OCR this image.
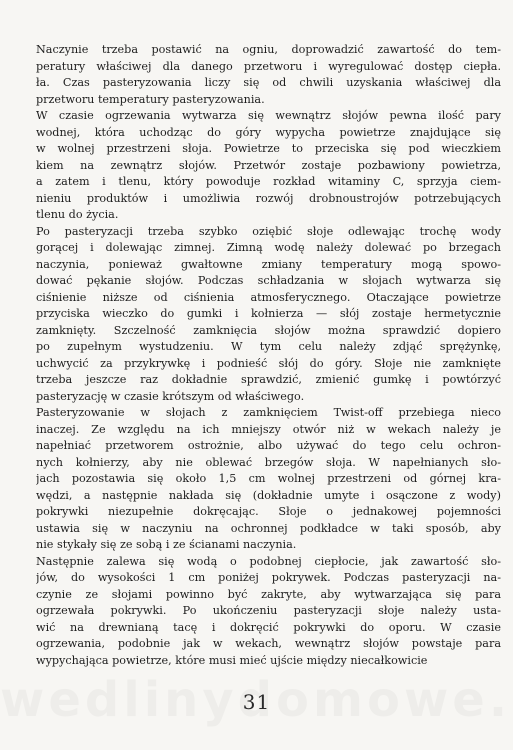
Naczynie trzeba postawić na ogniu, doprowadzić zawartość do tem-
peratury właściwej dla danego przetworu i wyregulować dostęp ciepła.
ła. Czas pasteryzowania liczy się od chwili uzyskania właściwej dla
przetworu temperatury pasteryzowania.
W czasie ogrzewania wytwarza się wewnątrz słojów pewna ilość pary
wodnej, która uchodząc do góry wypycha powietrze znajdujące się
w wolnej przestrzeni słoja. Powietrze to przeciska się pod wieczkiem
kiem na zewnątrz słojów. Przetwór zostaje pozbawiony powietrza,
a zatem i tlenu, który powoduje rozkład witaminy C, sprzyja ciem-
nieniu produktów i umożliwia rozwój drobnoustrojów potrzebujących
tlenu do życia.
Po pasteryzacji trzeba szybko oziębić słoje odlewając trochę wody
gorącej i dolewając zimnej. Zimną wodę należy dolewać po brzegach
naczynia, ponieważ gwałtowne zmiany temperatury mogą spowo-
dować pękanie słojów. Podczas schładzania w słojach wytwarza się
ciśnienie niższe od ciśnienia atmosferycznego. Otaczające powietrze
przyciska wieczko do gumki i kołnierza — słój zostaje hermetycznie
zamknięty. Szczelność zamknięcia słojów można sprawdzić dopiero
po zupełnym wystudzeniu. W tym celu należy zdjąć sprężynkę,
uchwycić za przykrywkę i podnieść słój do góry. Słoje nie zamknięte
trzeba jeszcze raz dokładnie sprawdzić, zmienić gumkę i powtórzyć
pasteryzację w czasie krótszym od właściwego.
Pasteryzowanie w słojach z zamknięciem Twist-off przebiega nieco
inaczej. Ze względu na ich mniejszy otwór niż w wekach należy je
napełniać przetworem ostrożnie, albo używać do tego celu ochron-
nych kołnierzy, aby nie oblewać brzegów słoja. W napełnianych sło-
jach pozostawia się około 1,5 cm wolnej przestrzeni od górnej kra-
wędzi, a następnie nakłada się (dokładnie umyte i osączone z wody)
pokrywki niezupełnie dokręcając. Słoje o jednakowej pojemności
ustawia się w naczyniu na ochronnej podkładce w taki sposób, aby
nie stykały się ze sobą i ze ścianami naczynia.
Następnie zalewa się wodą o podobnej ciepłocie, jak zawartość sło-
jów, do wysokości 1 cm poniżej pokrywek. Podczas pasteryzacji na-
czynie ze słojami powinno być zakryte, aby wytwarzająca się para
ogrzewała pokrywki. Po ukończeniu pasteryzacji słoje należy usta-
wić na drewnianą tacę i dokręcić pokrywki do oporu. W czasie
ogrzewania, podobnie jak w wekach, wewnątrz słojów powstaje para
wypychająca powietrze, które musi mieć ujście między niecałkowicie
31
